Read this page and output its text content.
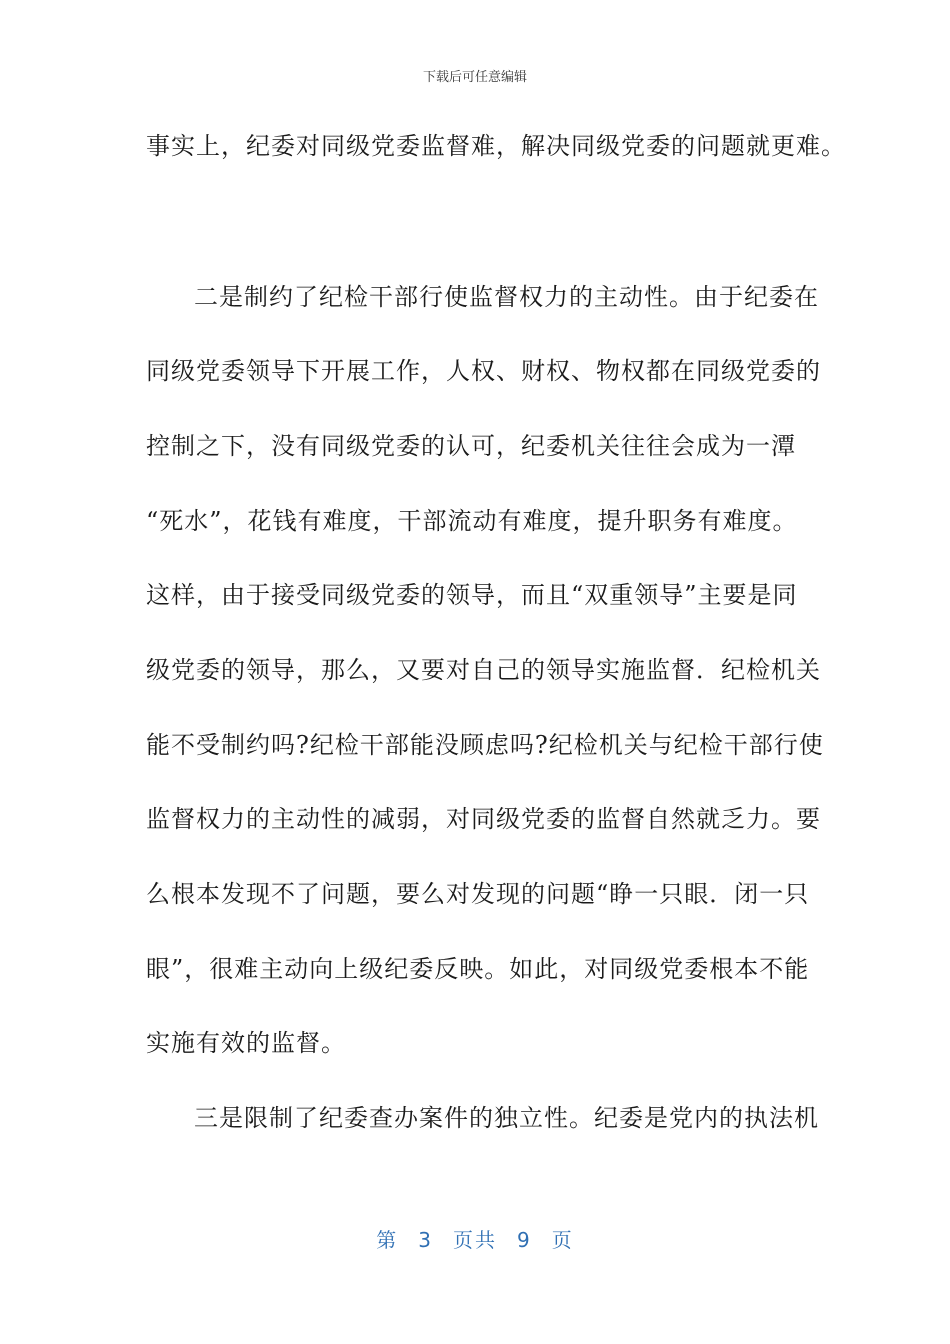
下载后可任意编辑
事实上，纪委对同级党委监督难，解决同级党委的问题就更难。
二是制约了纪检干部行使监督权力的主动性。由于纪委在
同级党委领导下开展工作，人权、财权、物权都在同级党委的
控制之下，没有同级党委的认可，纪委机关往往会成为一潭
“死水”，花钱有难度，干部流动有难度，提升职务有难度。
这样，由于接受同级党委的领导，而且“双重领导”主要是同
级党委的领导，那么，又要对自己的领导实施监督．纪检机关
能不受制约吗?纪检干部能没顾虑吗?纪检机关与纪检干部行使
监督权力的主动性的减弱，对同级党委的监督自然就乏力。要
么根本发现不了问题，要么对发现的问题“睁一只眼．闭一只
眼”，很难主动向上级纪委反映。如此，对同级党委根本不能
实施有效的监督。
三是限制了纪委查办案件的独立性。纪委是党内的执法机
第 3 页共 9 页
